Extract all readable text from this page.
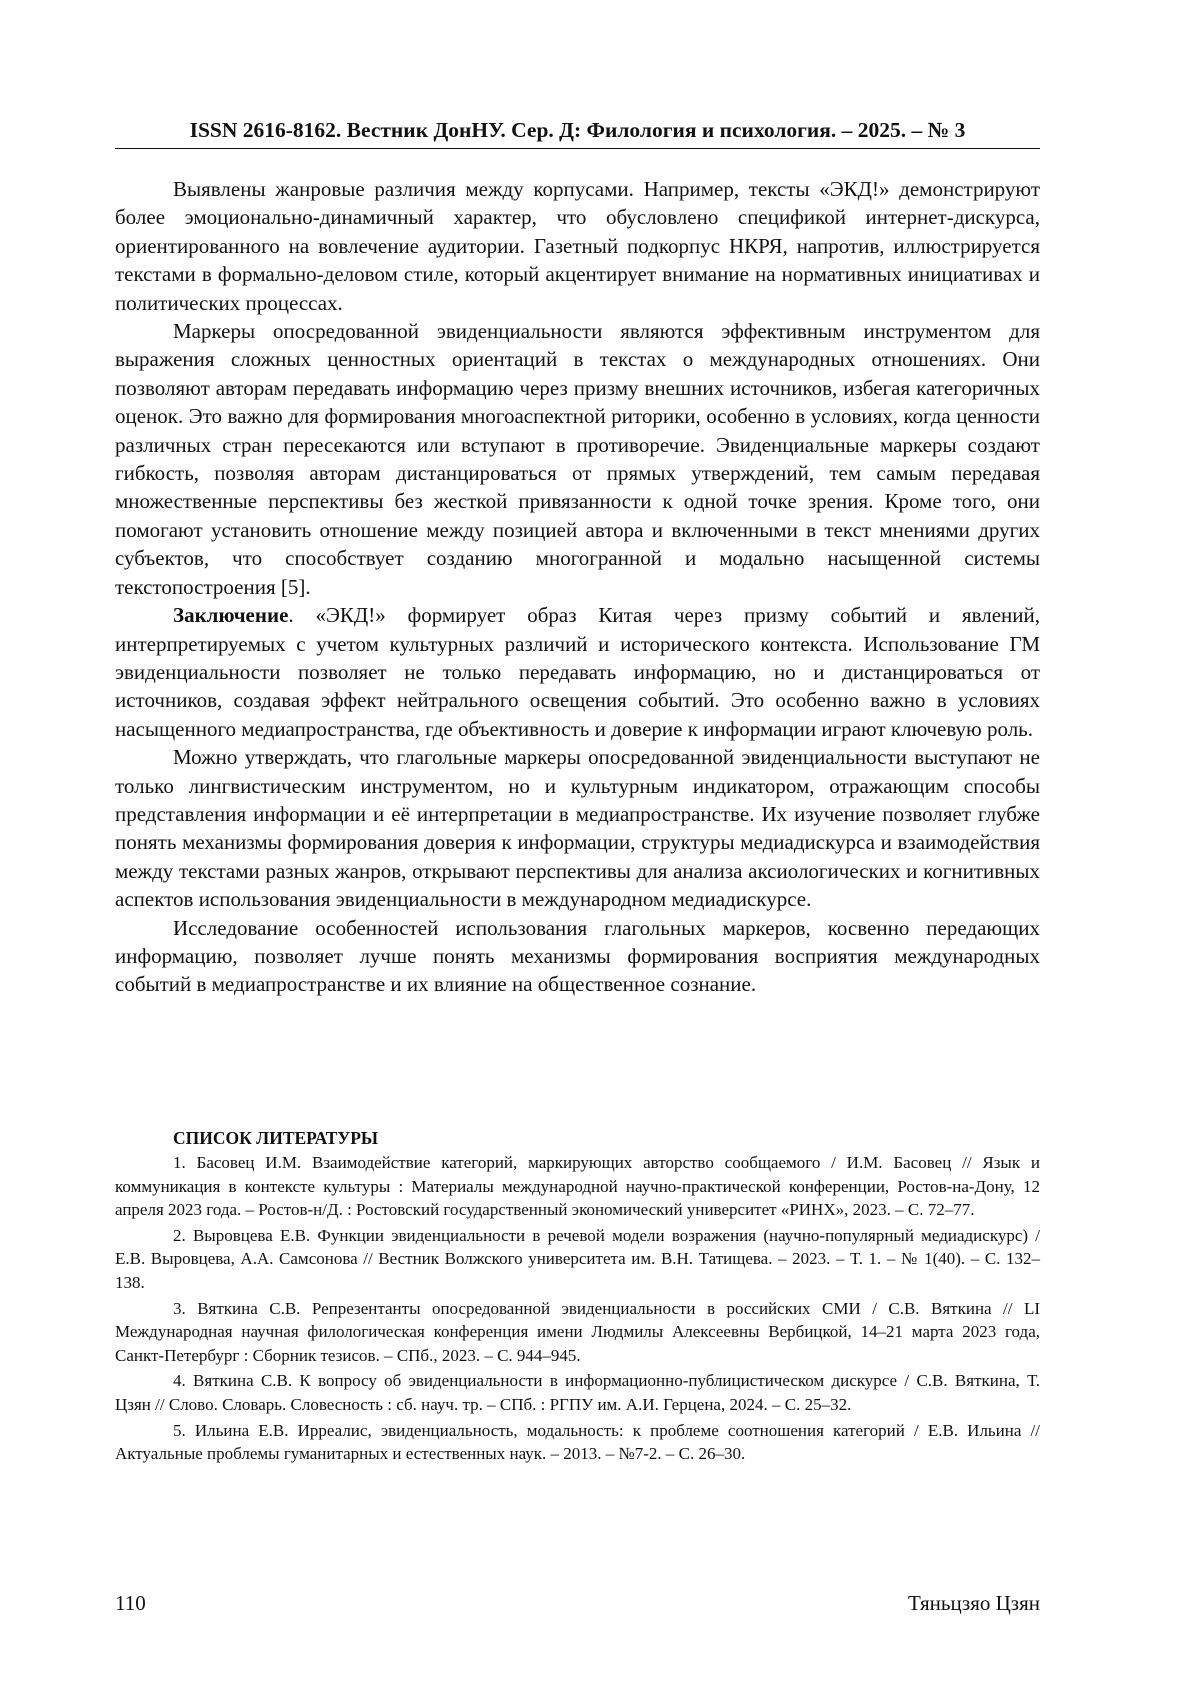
ISSN 2616-8162. Вестник ДонНУ. Сер. Д: Филология и психология. – 2025. – № 3

Выявлены жанровые различия между корпусами. Например, тексты «ЭКД!» демонстрируют более эмоционально-динамичный характер, что обусловлено спецификой интернет-дискурса, ориентированного на вовлечение аудитории. Газетный подкорпус НКРЯ, напротив, иллюстрируется текстами в формально-деловом стиле, который акцентирует внимание на нормативных инициативах и политических процессах.

Маркеры опосредованной эвиденциальности являются эффективным инструментом для выражения сложных ценностных ориентаций в текстах о международных отношениях. Они позволяют авторам передавать информацию через призму внешних источников, избегая категоричных оценок. Это важно для формирования многоаспектной риторики, особенно в условиях, когда ценности различных стран пересекаются или вступают в противоречие. Эвиденциальные маркеры создают гибкость, позволяя авторам дистанцироваться от прямых утверждений, тем самым передавая множественные перспективы без жесткой привязанности к одной точке зрения. Кроме того, они помогают установить отношение между позицией автора и включенными в текст мнениями других субъектов, что способствует созданию многогранной и модально насыщенной системы текстопостроения [5].

Заключение. «ЭКД!» формирует образ Китая через призму событий и явлений, интерпретируемых с учетом культурных различий и исторического контекста. Использование ГМ эвиденциальности позволяет не только передавать информацию, но и дистанцироваться от источников, создавая эффект нейтрального освещения событий. Это особенно важно в условиях насыщенного медиапространства, где объективность и доверие к информации играют ключевую роль.

Можно утверждать, что глагольные маркеры опосредованной эвиденциальности выступают не только лингвистическим инструментом, но и культурным индикатором, отражающим способы представления информации и её интерпретации в медиапространстве. Их изучение позволяет глубже понять механизмы формирования доверия к информации, структуры медиадискурса и взаимодействия между текстами разных жанров, открывают перспективы для анализа аксиологических и когнитивных аспектов использования эвиденциальности в международном медиадискурсе.

Исследование особенностей использования глагольных маркеров, косвенно передающих информацию, позволяет лучше понять механизмы формирования восприятия международных событий в медиапространстве и их влияние на общественное сознание.

СПИСОК ЛИТЕРАТУРЫ

1. Басовец И.М. Взаимодействие категорий, маркирующих авторство сообщаемого / И.М. Басовец // Язык и коммуникация в контексте культуры : Материалы международной научно-практической конференции, Ростов-на-Дону, 12 апреля 2023 года. – Ростов-н/Д. : Ростовский государственный экономический университет «РИНХ», 2023. – С. 72–77.

2. Выровцева Е.В. Функции эвиденциальности в речевой модели возражения (научно-популярный медиадискурс) / Е.В. Выровцева, А.А. Самсонова // Вестник Волжского университета им. В.Н. Татищева. – 2023. – Т. 1. – № 1(40). – С. 132–138.

3. Вяткина С.В. Репрезентанты опосредованной эвиденциальности в российских СМИ / С.В. Вяткина // LI Международная научная филологическая конференция имени Людмилы Алексеевны Вербицкой, 14–21 марта 2023 года, Санкт-Петербург : Сборник тезисов. – СПб., 2023. – С. 944–945.

4. Вяткина С.В. К вопросу об эвиденциальности в информационно-публицистическом дискурсе / С.В. Вяткина, Т. Цзян // Слово. Словарь. Словесность : сб. науч. тр. – СПб. : РГПУ им. А.И. Герцена, 2024. – С. 25–32.

5. Ильина Е.В. Ирреалис, эвиденциальность, модальность: к проблеме соотношения категорий / Е.В. Ильина // Актуальные проблемы гуманитарных и естественных наук. – 2013. – №7-2. – С. 26–30.

110	Тяньцзяо Цзян
